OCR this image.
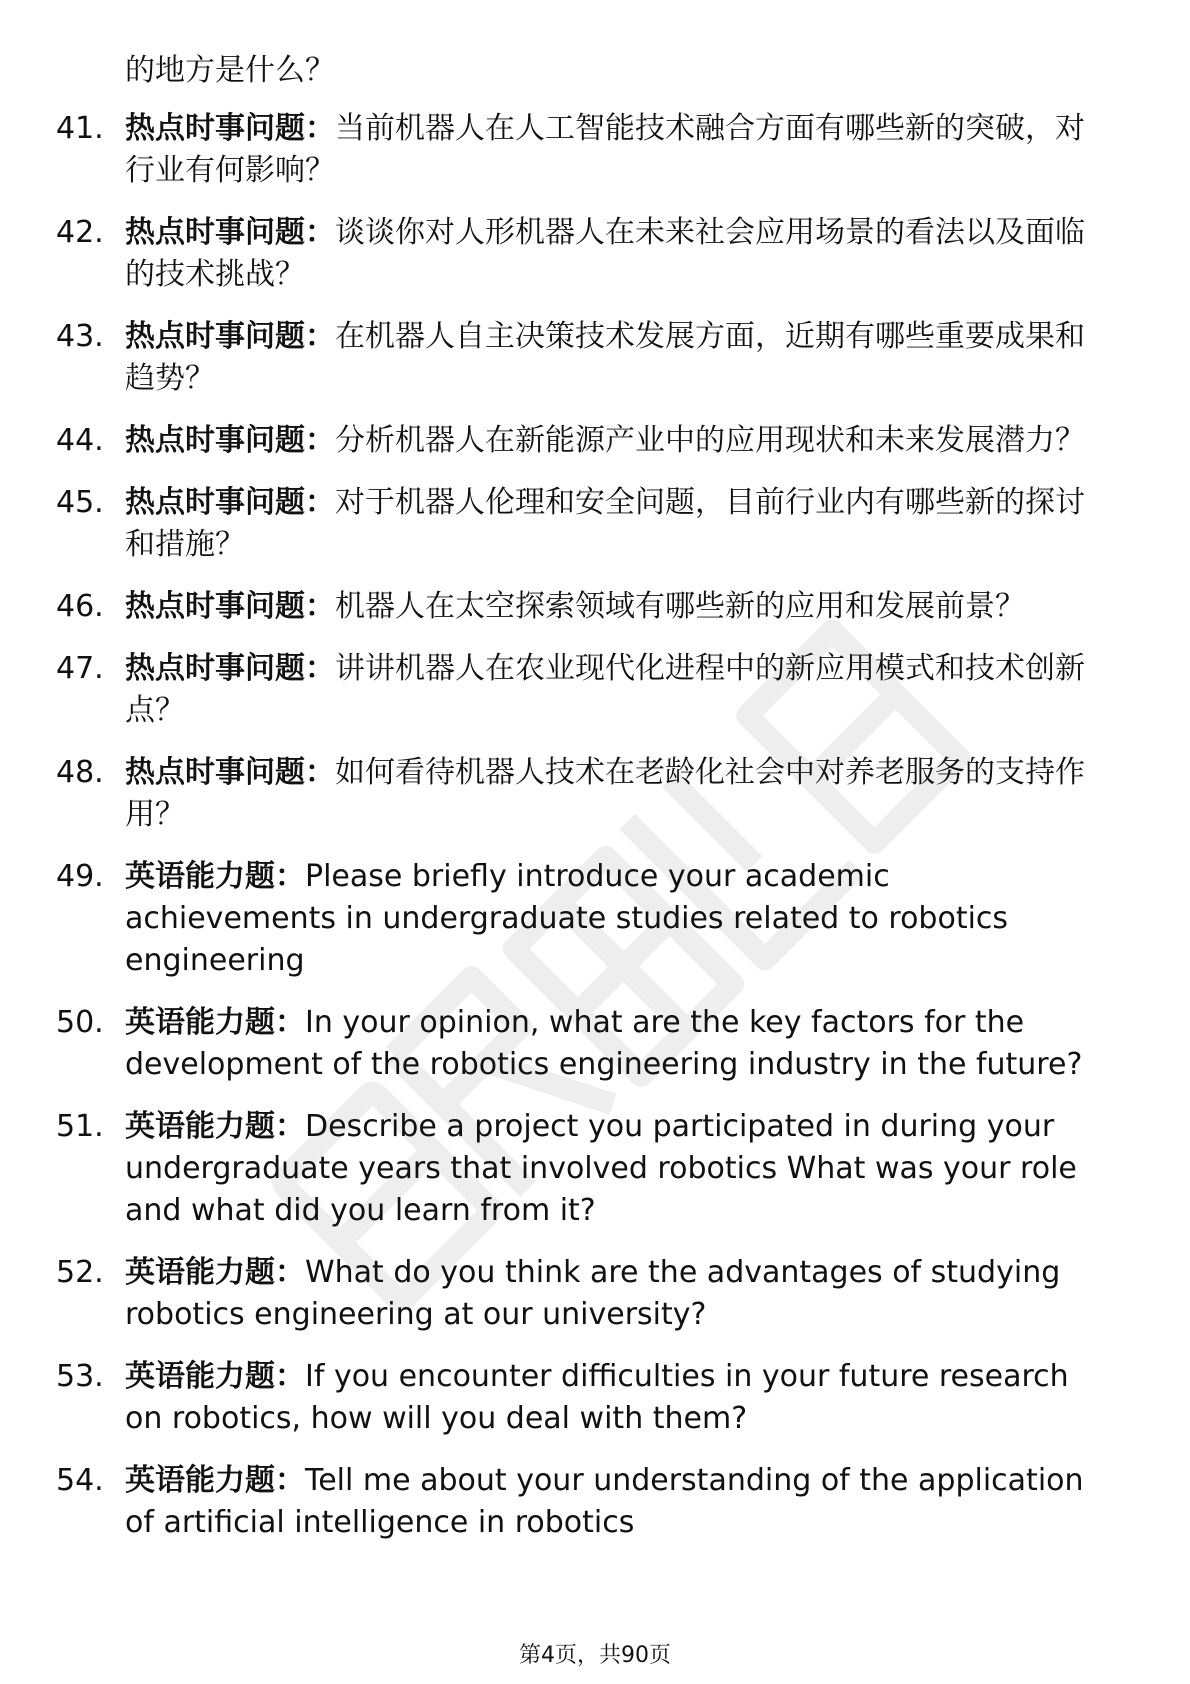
的地方是什么？

41. 热点时事问题：当前机器人在人工智能技术融合方面有哪些新的突破，对行业有何影响？
42. 热点时事问题：谈谈你对人形机器人在未来社会应用场景的看法以及面临的技术挑战？
43. 热点时事问题：在机器人自主决策技术发展方面，近期有哪些重要成果和趋势？
44. 热点时事问题：分析机器人在新能源产业中的应用现状和未来发展潜力？
45. 热点时事问题：对于机器人伦理和安全问题，目前行业内有哪些新的探讨和措施？
46. 热点时事问题：机器人在太空探索领域有哪些新的应用和发展前景？
47. 热点时事问题：讲讲机器人在农业现代化进程中的新应用模式和技术创新点？
48. 热点时事问题：如何看待机器人技术在老龄化社会中对养老服务的支持作用？
49. 英语能力题：Please briefly introduce your academic achievements in undergraduate studies related to robotics engineering
50. 英语能力题：In your opinion, what are the key factors for the development of the robotics engineering industry in the future?
51. 英语能力题：Describe a project you participated in during your undergraduate years that involved robotics What was your role and what did you learn from it?
52. 英语能力题：What do you think are the advantages of studying robotics engineering at our university?
53. 英语能力题：If you encounter difficulties in your future research on robotics, how will you deal with them?
54. 英语能力题：Tell me about your understanding of the application of artificial intelligence in robotics
第4页，共90页
